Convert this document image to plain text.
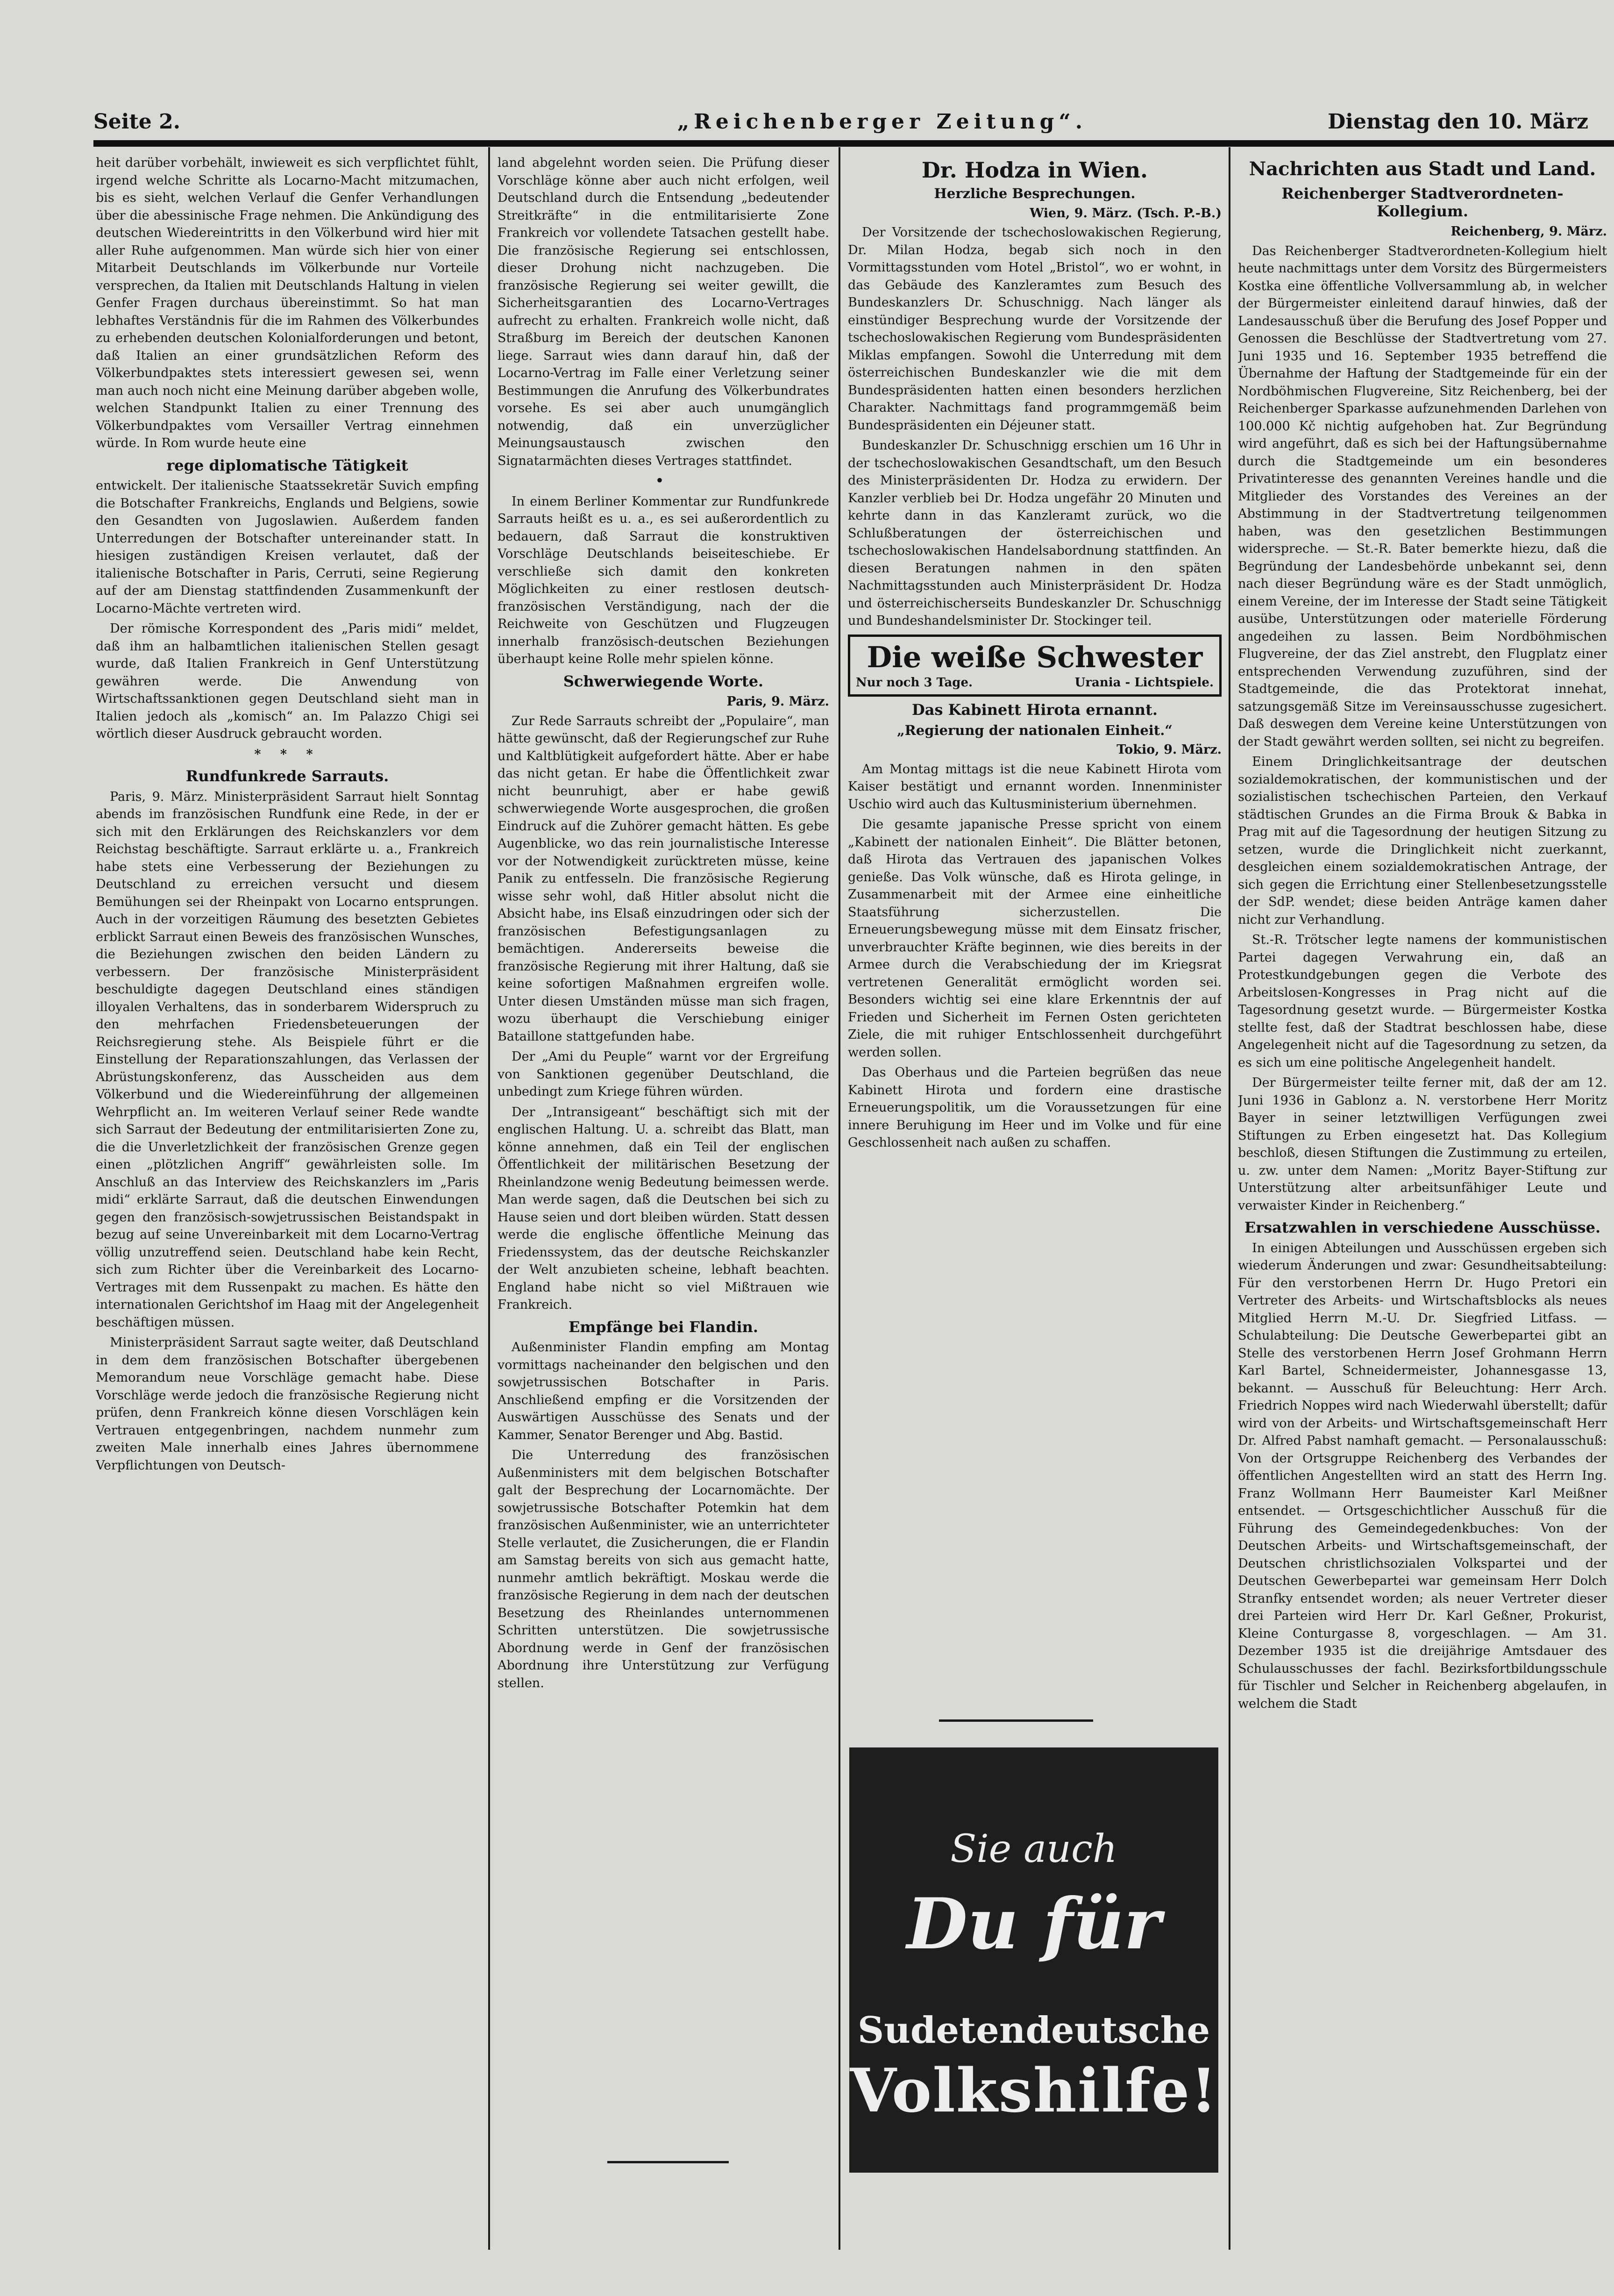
Seite 2.	„Reichenberger Zeitung“.	Dienstag den 10. März

heit darüber vorbehält, inwieweit es sich verpflichtet fühlt, irgend welche Schritte als Locarno-Macht mitzumachen, bis es sieht, welchen Verlauf die Genfer Verhandlungen über die abessinische Frage nehmen. Die Ankündigung des deutschen Wiedereintritts in den Völkerbund wird hier mit aller Ruhe aufgenommen. Man würde sich hier von einer Mitarbeit Deutschlands im Völkerbunde nur Vorteile versprechen, da Italien mit Deutschlands Haltung in vielen Genfer Fragen durchaus übereinstimmt. So hat man lebhaftes Verständnis für die im Rahmen des Völkerbundes zu erhebenden deutschen Kolonialforderungen und betont, daß Italien an einer grundsätzlichen Reform des Völkerbundpaktes stets interessiert gewesen sei, wenn man auch noch nicht eine Meinung darüber abgeben wolle, welchen Standpunkt Italien zu einer Trennung des Völkerbundpaktes vom Versailler Vertrag einnehmen würde. In Rom wurde heute eine

rege diplomatische Tätigkeit

entwickelt. Der italienische Staatssekretär Suvich empfing die Botschafter Frankreichs, Englands und Belgiens, sowie den Gesandten von Jugoslawien. Außerdem fanden Unterredungen der Botschafter untereinander statt. In hiesigen zuständigen Kreisen verlautet, daß der italienische Botschafter in Paris, Cerruti, seine Regierung auf der am Dienstag stattfindenden Zusammenkunft der Locarno-Mächte vertreten wird.

Der römische Korrespondent des „Paris midi“ meldet, daß ihm an halbamtlichen italienischen Stellen gesagt wurde, daß Italien Frankreich in Genf Unterstützung gewähren werde. Die Anwendung von Wirtschaftssanktionen gegen Deutschland sieht man in Italien jedoch als „komisch“ an. Im Palazzo Chigi sei wörtlich dieser Ausdruck gebraucht worden.

* * *
Rundfunkrede Sarrauts.

Paris, 9. März. Ministerpräsident Sarraut hielt Sonntag abends im französischen Rundfunk eine Rede, in der er sich mit den Erklärungen des Reichskanzlers vor dem Reichstag beschäftigte. Sarraut erklärte u. a., Frankreich habe stets eine Verbesserung der Beziehungen zu Deutschland zu erreichen versucht und diesem Bemühungen sei der Rheinpakt von Locarno entsprungen. Auch in der vorzeitigen Räumung des besetzten Gebietes erblickt Sarraut einen Beweis des französischen Wunsches, die Beziehungen zwischen den beiden Ländern zu verbessern. Der französische Ministerpräsident beschuldigte dagegen Deutschland eines ständigen illoyalen Verhaltens, das in sonderbarem Widerspruch zu den mehrfachen Friedensbeteuerungen der Reichsregierung stehe. Als Beispiele führt er die Einstellung der Reparationszahlungen, das Verlassen der Abrüstungskonferenz, das Ausscheiden aus dem Völkerbund und die Wiedereinführung der allgemeinen Wehrpflicht an. Im weiteren Verlauf seiner Rede wandte sich Sarraut der Bedeutung der entmilitarisierten Zone zu, die die Unverletzlichkeit der französischen Grenze gegen einen „plötzlichen Angriff“ gewährleisten solle. Im Anschluß an das Interview des Reichskanzlers im „Paris midi“ erklärte Sarraut, daß die deutschen Einwendungen gegen den französisch-sowjetrussischen Beistandspakt in bezug auf seine Unvereinbarkeit mit dem Locarno-Vertrag völlig unzutreffend seien. Deutschland habe kein Recht, sich zum Richter über die Vereinbarkeit des Locarno-Vertrages mit dem Russenpakt zu machen. Es hätte den internationalen Gerichtshof im Haag mit der Angelegenheit beschäftigen müssen.

Ministerpräsident Sarraut sagte weiter, daß Deutschland in dem dem französischen Botschafter übergebenen Memorandum neue Vorschläge gemacht habe. Diese Vorschläge werde jedoch die französische Regierung nicht prüfen, denn Frankreich könne diesen Vorschlägen kein Vertrauen entgegenbringen, nachdem nunmehr zum zweiten Male innerhalb eines Jahres übernommene Verpflichtungen von Deutsch-

land abgelehnt worden seien. Die Prüfung dieser Vorschläge könne aber auch nicht erfolgen, weil Deutschland durch die Entsendung „bedeutender Streitkräfte“ in die entmilitarisierte Zone Frankreich vor vollendete Tatsachen gestellt habe. Die französische Regierung sei entschlossen, dieser Drohung nicht nachzugeben. Die französische Regierung sei weiter gewillt, die Sicherheitsgarantien des Locarno-Vertrages aufrecht zu erhalten. Frankreich wolle nicht, daß Straßburg im Bereich der deutschen Kanonen liege. Sarraut wies dann darauf hin, daß der Locarno-Vertrag im Falle einer Verletzung seiner Bestimmungen die Anrufung des Völkerbundrates vorsehe. Es sei aber auch unumgänglich notwendig, daß ein unverzüglicher Meinungsaustausch zwischen den Signatarmächten dieses Vertrages stattfindet.

•

In einem Berliner Kommentar zur Rundfunkrede Sarrauts heißt es u. a., es sei außerordentlich zu bedauern, daß Sarraut die konstruktiven Vorschläge Deutschlands beiseiteschiebe. Er verschließe sich damit den konkreten Möglichkeiten zu einer restlosen deutsch-französischen Verständigung, nach der die Reichweite von Geschützen und Flugzeugen innerhalb französisch-deutschen Beziehungen überhaupt keine Rolle mehr spielen könne.

Schwerwiegende Worte.
Paris, 9. März.

Zur Rede Sarrauts schreibt der „Populaire“, man hätte gewünscht, daß der Regierungschef zur Ruhe und Kaltblütigkeit aufgefordert hätte. Aber er habe das nicht getan. Er habe die Öffentlichkeit zwar nicht beunruhigt, aber er habe gewiß schwerwiegende Worte ausgesprochen, die großen Eindruck auf die Zuhörer gemacht hätten. Es gebe Augenblicke, wo das rein journalistische Interesse vor der Notwendigkeit zurücktreten müsse, keine Panik zu entfesseln. Die französische Regierung wisse sehr wohl, daß Hitler absolut nicht die Absicht habe, ins Elsaß einzudringen oder sich der französischen Befestigungsanlagen zu bemächtigen. Andererseits beweise die französische Regierung mit ihrer Haltung, daß sie keine sofortigen Maßnahmen ergreifen wolle. Unter diesen Umständen müsse man sich fragen, wozu überhaupt die Verschiebung einiger Bataillone stattgefunden habe.

Der „Ami du Peuple“ warnt vor der Ergreifung von Sanktionen gegenüber Deutschland, die unbedingt zum Kriege führen würden.

Der „Intransigeant“ beschäftigt sich mit der englischen Haltung. U. a. schreibt das Blatt, man könne annehmen, daß ein Teil der englischen Öffentlichkeit der militärischen Besetzung der Rheinlandzone wenig Bedeutung beimessen werde. Man werde sagen, daß die Deutschen bei sich zu Hause seien und dort bleiben würden. Statt dessen werde die englische öffentliche Meinung das Friedenssystem, das der deutsche Reichskanzler der Welt anzubieten scheine, lebhaft beachten. England habe nicht so viel Mißtrauen wie Frankreich.

Empfänge bei Flandin.

Außenminister Flandin empfing am Montag vormittags nacheinander den belgischen und den sowjetrussischen Botschafter in Paris. Anschließend empfing er die Vorsitzenden der Auswärtigen Ausschüsse des Senats und der Kammer, Senator Berenger und Abg. Bastid.

Die Unterredung des französischen Außenministers mit dem belgischen Botschafter galt der Besprechung der Locarnomächte. Der sowjetrussische Botschafter Potemkin hat dem französischen Außenminister, wie an unterrichteter Stelle verlautet, die Zusicherungen, die er Flandin am Samstag bereits von sich aus gemacht hatte, nunmehr amtlich bekräftigt. Moskau werde die französische Regierung in dem nach der deutschen Besetzung des Rheinlandes unternommenen Schritten unterstützen. Die sowjetrussische Abordnung werde in Genf der französischen Abordnung ihre Unterstützung zur Verfügung stellen.

Dr. Hodza in Wien.
Herzliche Besprechungen.
Wien, 9. März. (Tsch. P.-B.)

Der Vorsitzende der tschechoslowakischen Regierung, Dr. Milan Hodza, begab sich noch in den Vormittagsstunden vom Hotel „Bristol“, wo er wohnt, in das Gebäude des Kanzleramtes zum Besuch des Bundeskanzlers Dr. Schuschnigg. Nach länger als einstündiger Besprechung wurde der Vorsitzende der tschechoslowakischen Regierung vom Bundespräsidenten Miklas empfangen. Sowohl die Unterredung mit dem österreichischen Bundeskanzler wie die mit dem Bundespräsidenten hatten einen besonders herzlichen Charakter. Nachmittags fand programmgemäß beim Bundespräsidenten ein Déjeuner statt.

Bundeskanzler Dr. Schuschnigg erschien um 16 Uhr in der tschechoslowakischen Gesandtschaft, um den Besuch des Ministerpräsidenten Dr. Hodza zu erwidern. Der Kanzler verblieb bei Dr. Hodza ungefähr 20 Minuten und kehrte dann in das Kanzleramt zurück, wo die Schlußberatungen der österreichischen und tschechoslowakischen Handelsabordnung stattfinden. An diesen Beratungen nahmen in den späten Nachmittagsstunden auch Ministerpräsident Dr. Hodza und österreichischerseits Bundeskanzler Dr. Schuschnigg und Bundeshandelsminister Dr. Stockinger teil.

Die weiße Schwester
Nur noch 3 Tage.	Urania - Lichtspiele.
Das Kabinett Hirota ernannt.
„Regierung der nationalen Einheit.“
Tokio, 9. März.

Am Montag mittags ist die neue Kabinett Hirota vom Kaiser bestätigt und ernannt worden. Innenminister Uschio wird auch das Kultusministerium übernehmen.

Die gesamte japanische Presse spricht von einem „Kabinett der nationalen Einheit“. Die Blätter betonen, daß Hirota das Vertrauen des japanischen Volkes genieße. Das Volk wünsche, daß es Hirota gelinge, in Zusammenarbeit mit der Armee eine einheitliche Staatsführung sicherzustellen. Die Erneuerungsbewegung müsse mit dem Einsatz frischer, unverbrauchter Kräfte beginnen, wie dies bereits in der Armee durch die Verabschiedung der im Kriegsrat vertretenen Generalität ermöglicht worden sei. Besonders wichtig sei eine klare Erkenntnis der auf Frieden und Sicherheit im Fernen Osten gerichteten Ziele, die mit ruhiger Entschlossenheit durchgeführt werden sollen.

Das Oberhaus und die Parteien begrüßen das neue Kabinett Hirota und fordern eine drastische Erneuerungspolitik, um die Voraussetzungen für eine innere Beruhigung im Heer und im Volke und für eine Geschlossenheit nach außen zu schaffen.

Sie auch
Du für
Sudetendeutsche
Volkshilfe!
Nachrichten aus Stadt und Land.
Reichenberger Stadtverordneten-Kollegium.
Reichenberg, 9. März.

Das Reichenberger Stadtverordneten-Kollegium hielt heute nachmittags unter dem Vorsitz des Bürgermeisters Kostka eine öffentliche Vollversammlung ab, in welcher der Bürgermeister einleitend darauf hinwies, daß der Landesausschuß über die Berufung des Josef Popper und Genossen die Beschlüsse der Stadtvertretung vom 27. Juni 1935 und 16. September 1935 betreffend die Übernahme der Haftung der Stadtgemeinde für ein der Nordböhmischen Flugvereine, Sitz Reichenberg, bei der Reichenberger Sparkasse aufzunehmenden Darlehen von 100.000 Kč nichtig aufgehoben hat. Zur Begründung wird angeführt, daß es sich bei der Haftungsübernahme durch die Stadtgemeinde um ein besonderes Privatinteresse des genannten Vereines handle und die Mitglieder des Vorstandes des Vereines an der Abstimmung in der Stadtvertretung teilgenommen haben, was den gesetzlichen Bestimmungen widerspreche. — St.-R. Bater bemerkte hiezu, daß die Begründung der Landesbehörde unbekannt sei, denn nach dieser Begründung wäre es der Stadt unmöglich, einem Vereine, der im Interesse der Stadt seine Tätigkeit ausübe, Unterstützungen oder materielle Förderung angedeihen zu lassen. Beim Nordböhmischen Flugvereine, der das Ziel anstrebt, den Flugplatz einer entsprechenden Verwendung zuzuführen, sind der Stadtgemeinde, die das Protektorat innehat, satzungsgemäß Sitze im Vereinsausschusse zugesichert. Daß deswegen dem Vereine keine Unterstützungen von der Stadt gewährt werden sollten, sei nicht zu begreifen.

Einem Dringlichkeitsantrage der deutschen sozialdemokratischen, der kommunistischen und der sozialistischen tschechischen Parteien, den Verkauf städtischen Grundes an die Firma Brouk & Babka in Prag mit auf die Tagesordnung der heutigen Sitzung zu setzen, wurde die Dringlichkeit nicht zuerkannt, desgleichen einem sozialdemokratischen Antrage, der sich gegen die Errichtung einer Stellenbesetzungsstelle der SdP. wendet; diese beiden Anträge kamen daher nicht zur Verhandlung.

St.-R. Trötscher legte namens der kommunistischen Partei dagegen Verwahrung ein, daß an Protestkundgebungen gegen die Verbote des Arbeitslosen-Kongresses in Prag nicht auf die Tagesordnung gesetzt wurde. — Bürgermeister Kostka stellte fest, daß der Stadtrat beschlossen habe, diese Angelegenheit nicht auf die Tagesordnung zu setzen, da es sich um eine politische Angelegenheit handelt.

Der Bürgermeister teilte ferner mit, daß der am 12. Juni 1936 in Gablonz a. N. verstorbene Herr Moritz Bayer in seiner letztwilligen Verfügungen zwei Stiftungen zu Erben eingesetzt hat. Das Kollegium beschloß, diesen Stiftungen die Zustimmung zu erteilen, u. zw. unter dem Namen: „Moritz Bayer-Stiftung zur Unterstützung alter arbeitsunfähiger Leute und verwaister Kinder in Reichenberg.“

Ersatzwahlen in verschiedene Ausschüsse.

In einigen Abteilungen und Ausschüssen ergeben sich wiederum Änderungen und zwar: Gesundheitsabteilung: Für den verstorbenen Herrn Dr. Hugo Pretori ein Vertreter des Arbeits- und Wirtschaftsblocks als neues Mitglied Herrn M.-U. Dr. Siegfried Litfass. — Schulabteilung: Die Deutsche Gewerbepartei gibt an Stelle des verstorbenen Herrn Josef Grohmann Herrn Karl Bartel, Schneidermeister, Johannesgasse 13, bekannt. — Ausschuß für Beleuchtung: Herr Arch. Friedrich Noppes wird nach Wiederwahl überstellt; dafür wird von der Arbeits- und Wirtschaftsgemeinschaft Herr Dr. Alfred Pabst namhaft gemacht. — Personalausschuß: Von der Ortsgruppe Reichenberg des Verbandes der öffentlichen Angestellten wird an statt des Herrn Ing. Franz Wollmann Herr Baumeister Karl Meißner entsendet. — Ortsgeschichtlicher Ausschuß für die Führung des Gemeindegedenkbuches: Von der Deutschen Arbeits- und Wirtschaftsgemeinschaft, der Deutschen christlichsozialen Volkspartei und der Deutschen Gewerbepartei war gemeinsam Herr Dolch Stranfky entsendet worden; als neuer Vertreter dieser drei Parteien wird Herr Dr. Karl Geßner, Prokurist, Kleine Conturgasse 8, vorgeschlagen. — Am 31. Dezember 1935 ist die dreijährige Amtsdauer des Schulausschusses der fachl. Bezirksfortbildungsschule für Tischler und Selcher in Reichenberg abgelaufen, in welchem die Stadt
